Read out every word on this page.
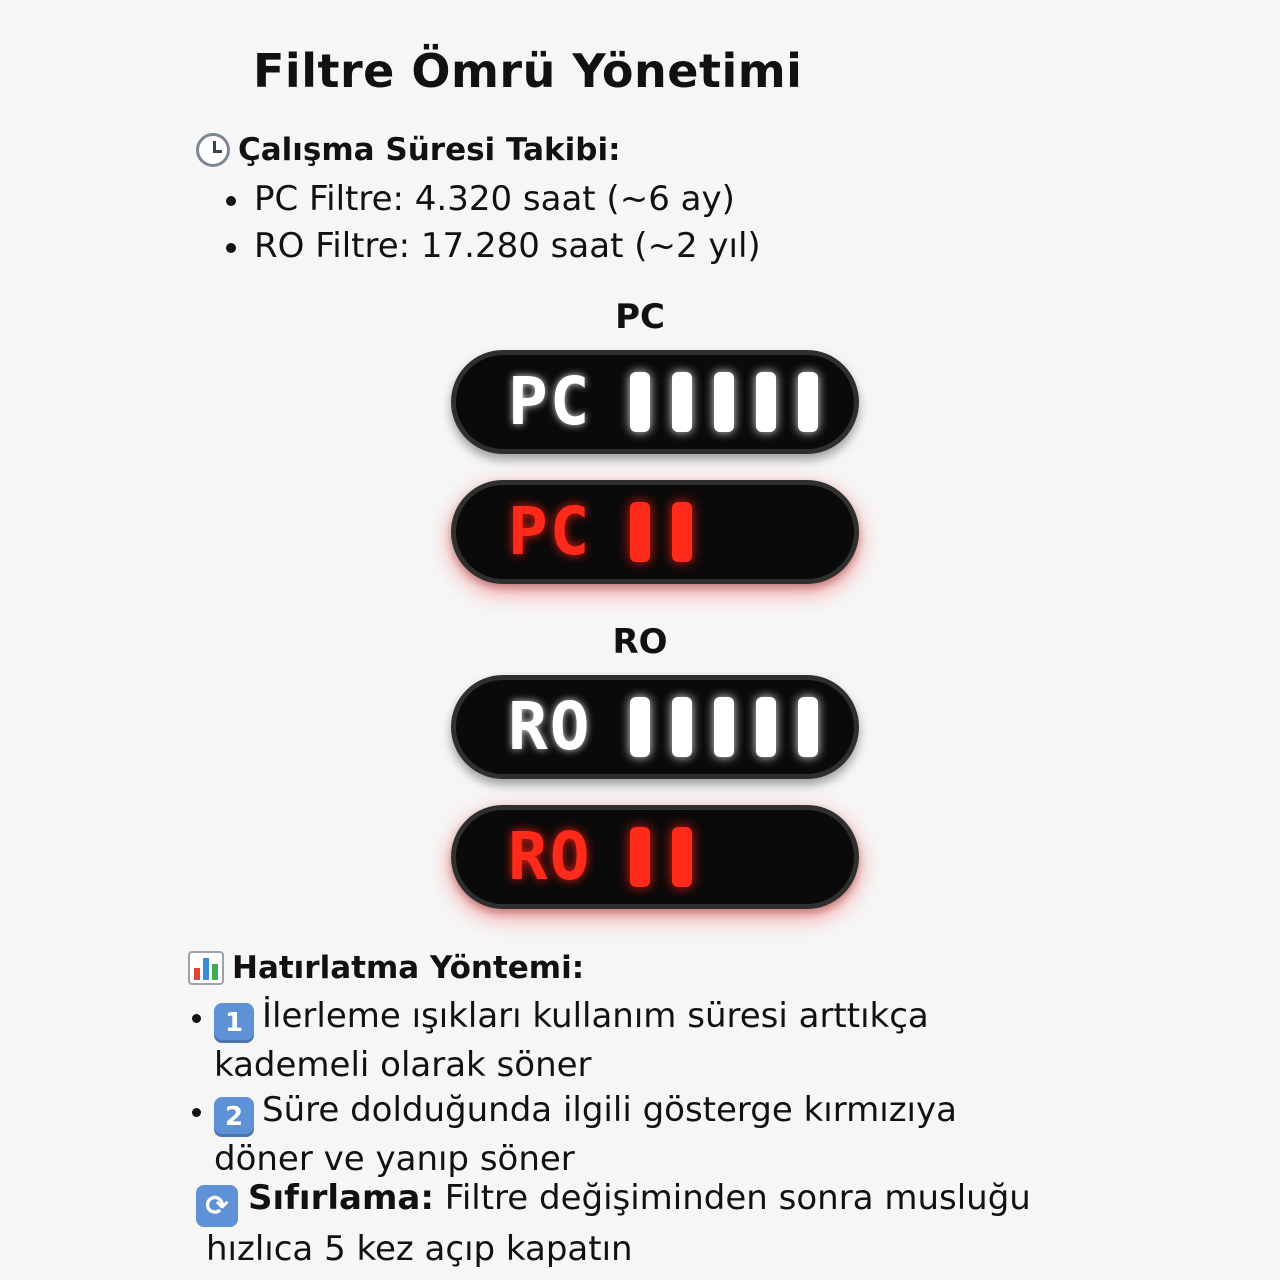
Filtre Ömrü Yönetimi
Çalışma Süresi Takibi:
PC Filtre: 4.320 saat (~6 ay)
RO Filtre: 17.280 saat (~2 yıl)
PC
PC
PC
RO
RO
RO
Hatırlatma Yöntemi:
1 İlerleme ışıkları kullanım süresi arttıkça
kademeli olarak söner
2 Süre dolduğunda ilgili gösterge kırmızıya
döner ve yanıp söner
⟳ Sıfırlama: Filtre değişiminden sonra musluğu
hızlıca 5 kez açıp kapatın
